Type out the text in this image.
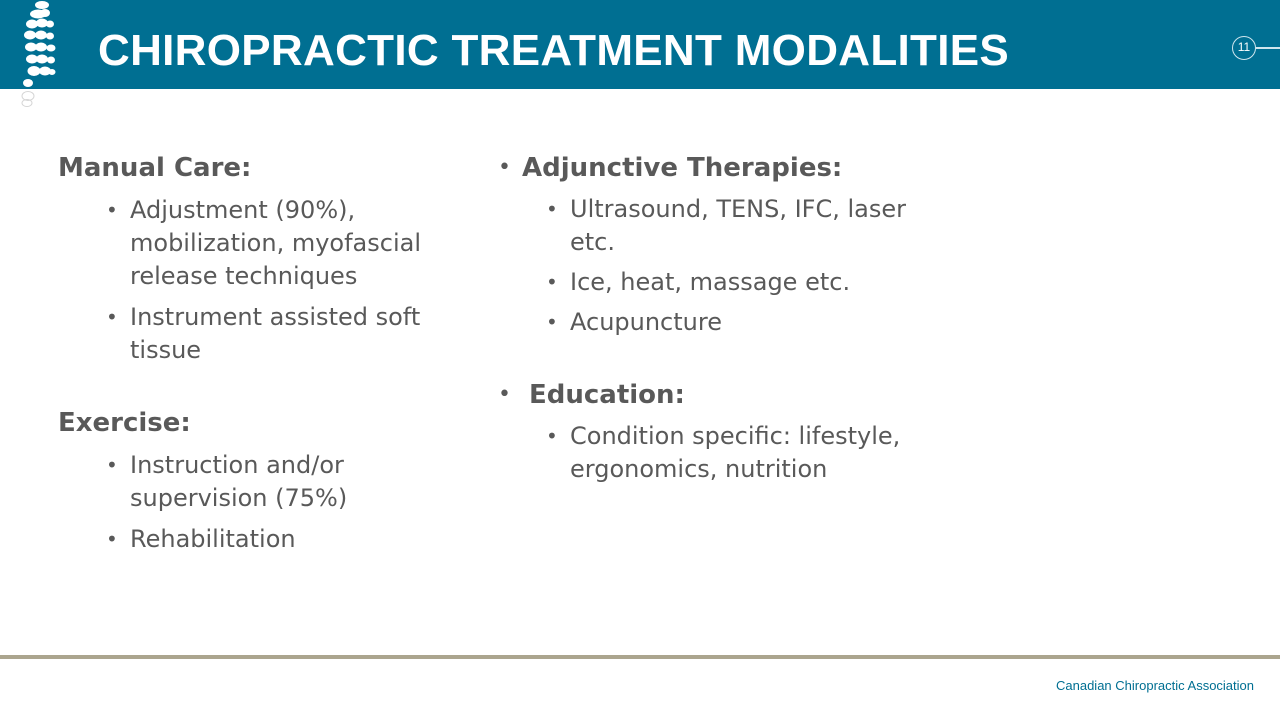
CHIROPRACTIC TREATMENT MODALITIES	11
Manual Care:
• Adjustment (90%), mobilization, myofascial release techniques
• Instrument assisted soft tissue
Exercise:
• Instruction and/or supervision (75%)
• Rehabilitation
• Adjunctive Therapies:
• Ultrasound, TENS, IFC, laser etc.
• Ice, heat, massage etc.
• Acupuncture
• Education:
• Condition specific: lifestyle, ergonomics, nutrition
Canadian Chiropractic Association
